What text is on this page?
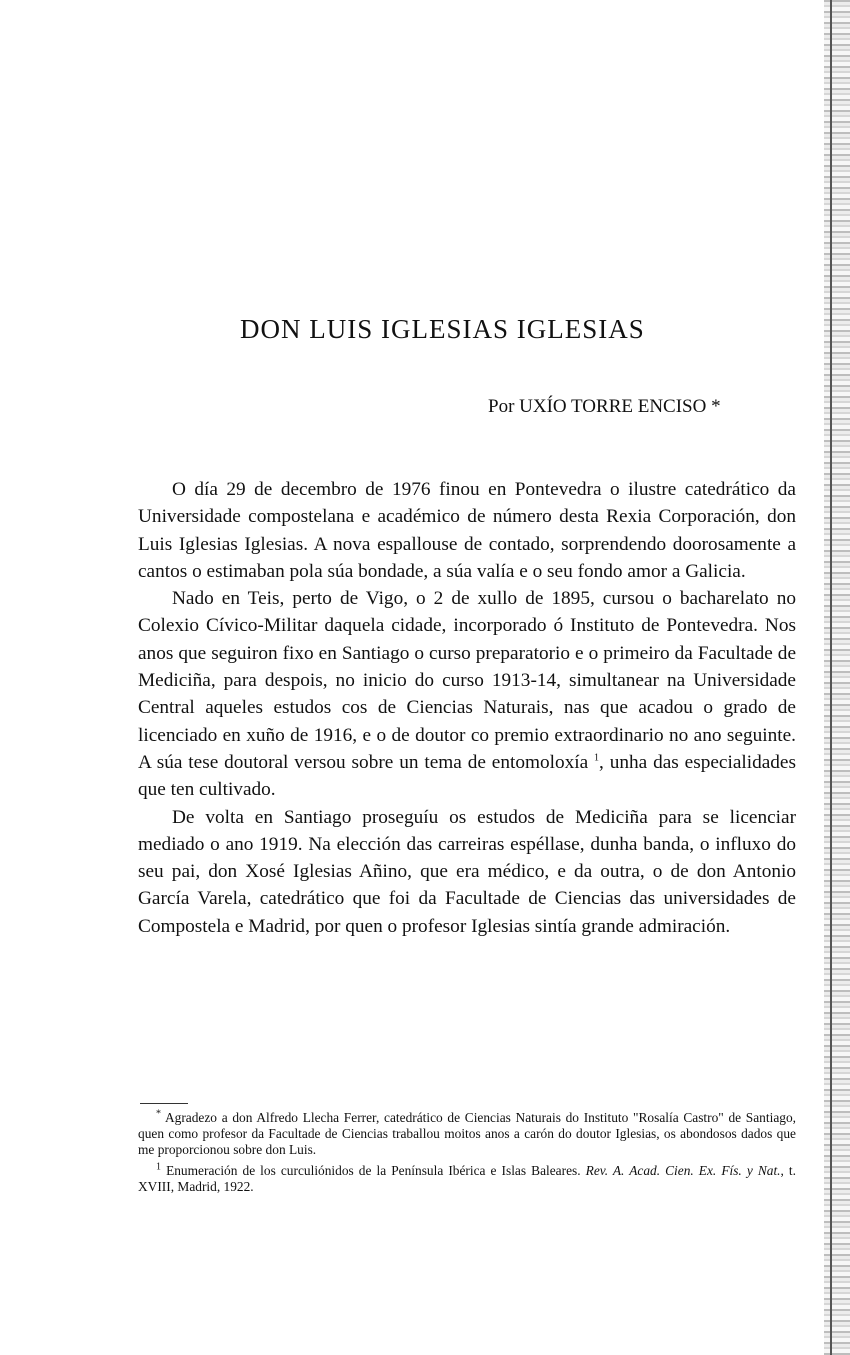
DON LUIS IGLESIAS IGLESIAS
Por UXÍO TORRE ENCISO *

O día 29 de decembro de 1976 finou en Pontevedra o ilustre catedrático da Universidade compostelana e académico de número desta Rexia Corporación, don Luis Iglesias Iglesias. A nova espallouse de contado, sorprendendo doorosamente a cantos o estimaban pola súa bondade, a súa valía e o seu fondo amor a Galicia.

Nado en Teis, perto de Vigo, o 2 de xullo de 1895, cursou o bacharelato no Colexio Cívico-Militar daquela cidade, incorporado ó Instituto de Pontevedra. Nos anos que seguiron fixo en Santiago o curso preparatorio e o primeiro da Facultade de Mediciña, para despois, no inicio do curso 1913-14, simultanear na Universidade Central aqueles estudos cos de Ciencias Naturais, nas que acadou o grado de licenciado en xuño de 1916, e o de doutor co premio extraordinario no ano seguinte. A súa tese doutoral versou sobre un tema de entomoloxía $^1$, unha das especialidades que ten cultivado.

De volta en Santiago proseguíu os estudos de Mediciña para se licenciar mediado o ano 1919. Na elección das carreiras espéllase, dunha banda, o influxo do seu pai, don Xosé Iglesias Añino, que era médico, e da outra, o de don Antonio García Varela, catedrático que foi da Facultade de Ciencias das universidades de Compostela e Madrid, por quen o profesor Iglesias sintía grande admiración.

* Agradezo a don Alfredo Llecha Ferrer, catedrático de Ciencias Naturais do Instituto "Rosalía Castro" de Santiago, quen como profesor da Facultade de Ciencias traballou moitos anos a carón do doutor Iglesias, os abondosos dados que me proporcionou sobre don Luis.

$^1$ Enumeración de los curculiónidos de la Península Ibérica e Islas Baleares. Rev. A. Acad. Cien. Ex. Fís. y Nat., t. XVIII, Madrid, 1922.
